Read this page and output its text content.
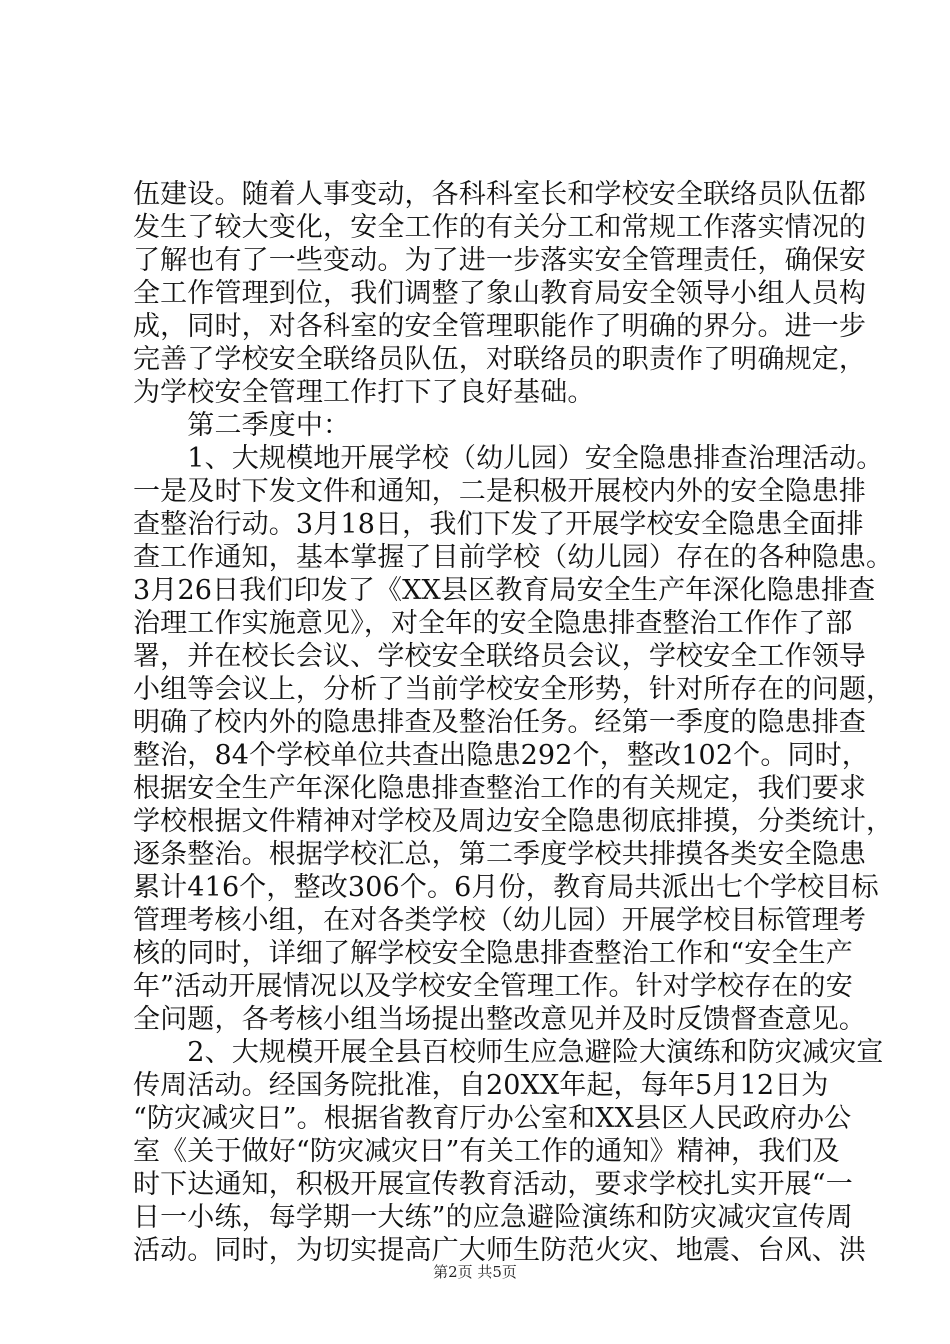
伍建设。随着人事变动，各科科室长和学校安全联络员队伍都
发生了较大变化，安全工作的有关分工和常规工作落实情况的
了解也有了一些变动。为了进一步落实安全管理责任，确保安
全工作管理到位，我们调整了象山教育局安全领导小组人员构
成，同时，对各科室的安全管理职能作了明确的界分。进一步
完善了学校安全联络员队伍，对联络员的职责作了明确规定，
为学校安全管理工作打下了良好基础。
　　第二季度中：
　　1、大规模地开展学校（幼儿园）安全隐患排查治理活动。
一是及时下发文件和通知，二是积极开展校内外的安全隐患排
查整治行动。3月18日，我们下发了开展学校安全隐患全面排
查工作通知，基本掌握了目前学校（幼儿园）存在的各种隐患。
3月26日我们印发了《XX县区教育局安全生产年深化隐患排查
治理工作实施意见》，对全年的安全隐患排查整治工作作了部
署，并在校长会议、学校安全联络员会议，学校安全工作领导
小组等会议上，分析了当前学校安全形势，针对所存在的问题，
明确了校内外的隐患排查及整治任务。经第一季度的隐患排查
整治，84个学校单位共查出隐患292个，整改102个。同时，
根据安全生产年深化隐患排查整治工作的有关规定，我们要求
学校根据文件精神对学校及周边安全隐患彻底排摸，分类统计，
逐条整治。根据学校汇总，第二季度学校共排摸各类安全隐患
累计416个，整改306个。6月份，教育局共派出七个学校目标
管理考核小组，在对各类学校（幼儿园）开展学校目标管理考
核的同时，详细了解学校安全隐患排查整治工作和“安全生产
年”活动开展情况以及学校安全管理工作。针对学校存在的安
全问题，各考核小组当场提出整改意见并及时反馈督查意见。
　　2、大规模开展全县百校师生应急避险大演练和防灾减灾宣
传周活动。经国务院批准，自20XX年起，每年5月12日为
“防灾减灾日”。根据省教育厅办公室和XX县区人民政府办公
室《关于做好“防灾减灾日”有关工作的通知》精神，我们及
时下达通知，积极开展宣传教育活动，要求学校扎实开展“一
日一小练，每学期一大练”的应急避险演练和防灾减灾宣传周
活动。同时，为切实提高广大师生防范火灾、地震、台风、洪
第2页 共5页
